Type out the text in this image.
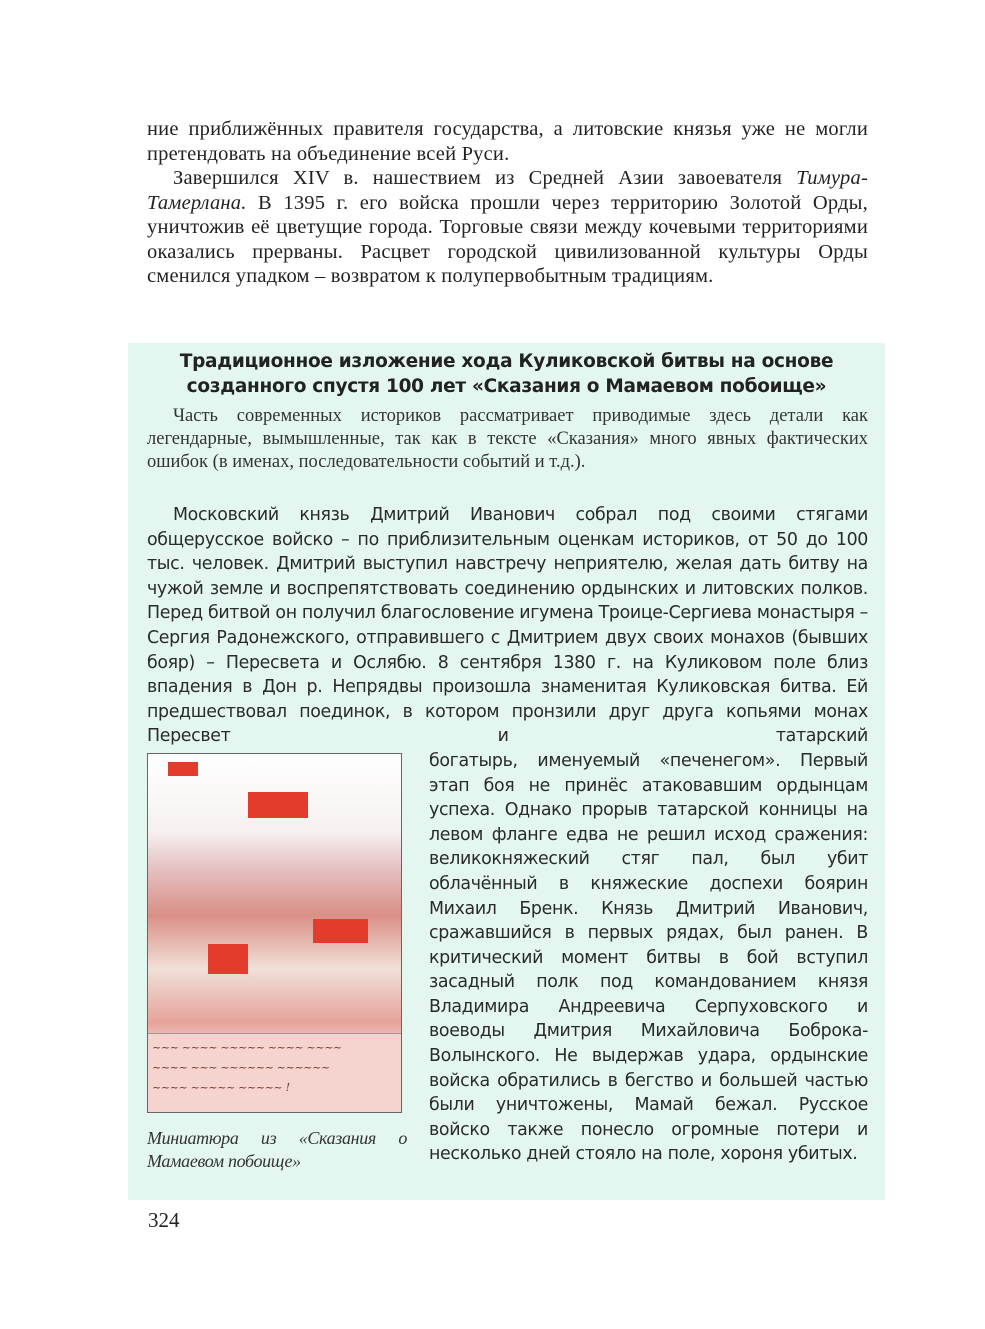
ние приближённых правителя государства, а литовские князья уже не могли претендовать на объединение всей Руси.

Завершился XIV в. нашествием из Средней Азии завоевателя Тимура-Тамерлана. В 1395 г. его войска прошли через территорию Золотой Орды, уничтожив её цветущие города. Торговые связи между кочевыми территориями оказались прерваны. Расцвет городской цивилизованной культуры Орды сменился упадком – возвратом к полупервобытным традициям.

Традиционное изложение хода Куликовской битвы на основе
созданного спустя 100 лет «Сказания о Мамаевом побоище»

Часть современных историков рассматривает приводимые здесь детали как легендарные, вымышленные, так как в тексте «Сказания» много явных фактических ошибок (в именах, последовательности событий и т.д.).

Московский князь Дмитрий Иванович собрал под своими стягами общерусское войско – по приблизительным оценкам историков, от 50 до 100 тыс. человек. Дмитрий выступил навстречу неприятелю, желая дать битву на чужой земле и воспрепятствовать соединению ордынских и литовских полков. Перед битвой он получил благословение игумена Троице-Сергиева монастыря – Сергия Радонежского, отправившего с Дмитрием двух своих монахов (бывших бояр) – Пересвета и Ослябю. 8 сентября 1380 г. на Куликовом поле близ впадения в Дон р. Непрядвы произошла знаменитая Куликовская битва. Ей предшествовал поединок, в котором пронзили друг друга копьями монах Пересвет и татарский

~~~ ~~~~ ~~~~~ ~~~~ ~~~~
~~~~ ~~~ ~~~~~~ ~~~~~~
~~~~ ~~~~~ ~~~~~ !
Миниатюра из «Сказания о Мамаевом побоище»

богатырь, именуемый «печенегом». Первый этап боя не принёс атаковавшим ордынцам успеха. Однако прорыв татарской конницы на левом фланге едва не решил исход сражения: великокняжеский стяг пал, был убит облачённый в княжеские доспехи боярин Михаил Бренк. Князь Дмитрий Иванович, сражавшийся в первых рядах, был ранен. В критический момент битвы в бой вступил засадный полк под командованием князя Владимира Андреевича Серпуховского и воеводы Дмитрия Михайловича Боброка-Волынского. Не выдержав удара, ордынские войска обратились в бегство и большей частью были уничтожены, Мамай бежал. Русское войско также понесло огромные потери и несколько дней стояло на поле, хороня убитых.

324
